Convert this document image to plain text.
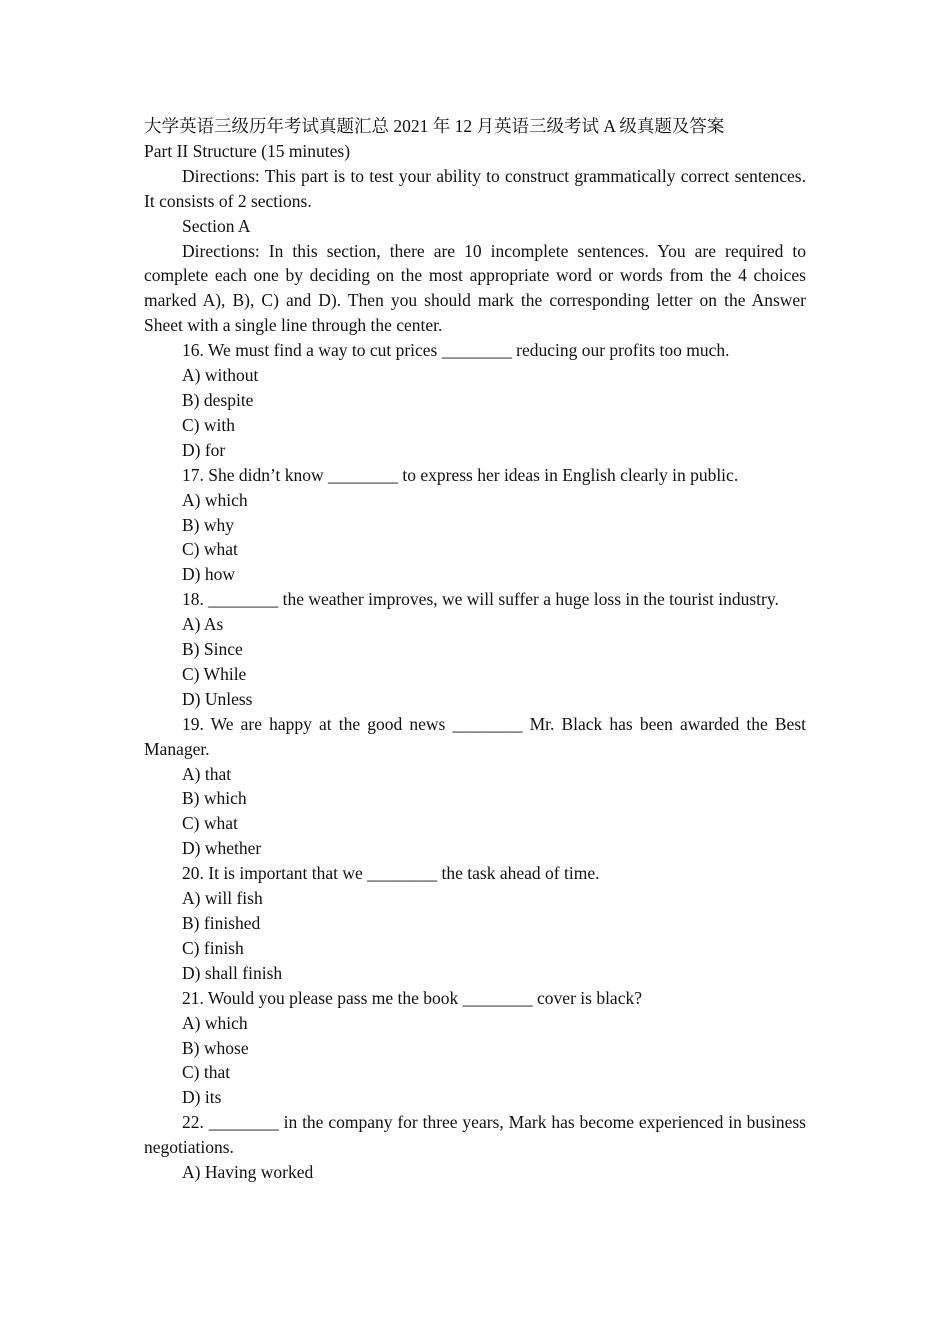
大学英语三级历年考试真题汇总 2021 年 12 月英语三级考试 A 级真题及答案

Part II Structure (15 minutes)

Directions: This part is to test your ability to construct grammatically correct sentences. It consists of 2 sections.

Section A

Directions: In this section, there are 10 incomplete sentences. You are required to complete each one by deciding on the most appropriate word or words from the 4 choices marked A), B), C) and D). Then you should mark the corresponding letter on the Answer Sheet with a single line through the center.

16. We must find a way to cut prices ________ reducing our profits too much.

A) without

B) despite

C) with

D) for

17. She didn’t know ________ to express her ideas in English clearly in public.

A) which

B) why

C) what

D) how

18. ________ the weather improves, we will suffer a huge loss in the tourist industry.

A) As

B) Since

C) While

D) Unless

19. We are happy at the good news ________ Mr. Black has been awarded the Best Manager.

A) that

B) which

C) what

D) whether

20. It is important that we ________ the task ahead of time.

A) will fish

B) finished

C) finish

D) shall finish

21. Would you please pass me the book ________ cover is black?

A) which

B) whose

C) that

D) its

22. ________ in the company for three years, Mark has become experienced in business negotiations.

A) Having worked
